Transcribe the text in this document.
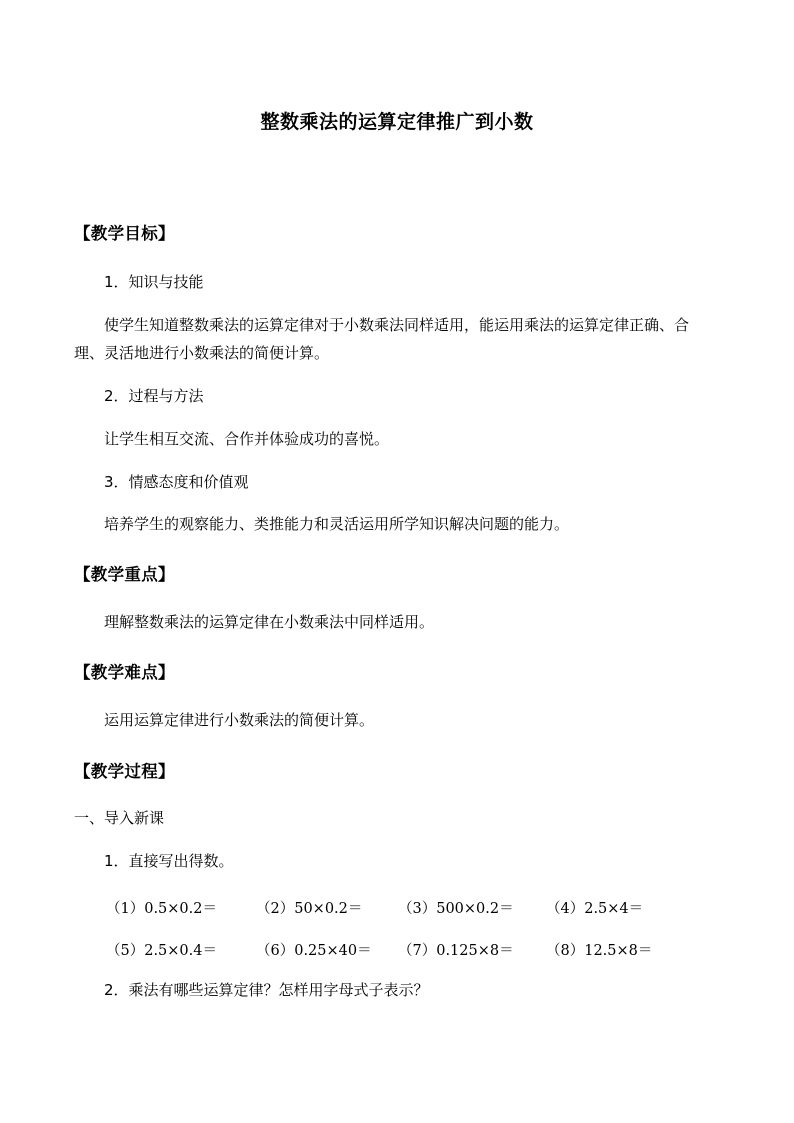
整数乘法的运算定律推广到小数
【教学目标】
1．知识与技能
使学生知道整数乘法的运算定律对于小数乘法同样适用，能运用乘法的运算定律正确、合
理、灵活地进行小数乘法的简便计算。
2．过程与方法
让学生相互交流、合作并体验成功的喜悦。
3．情感态度和价值观
培养学生的观察能力、类推能力和灵活运用所学知识解决问题的能力。
【教学重点】
理解整数乘法的运算定律在小数乘法中同样适用。
【教学难点】
运用运算定律进行小数乘法的简便计算。
【教学过程】
一、导入新课
1．直接写出得数。
（1）0.5×0.2＝	（2）50×0.2＝ （3）500×0.2＝ （4）2.5×4＝
（5）2.5×0.4＝	（6）0.25×40＝ （7）0.125×8＝ （8）12.5×8＝
2．乘法有哪些运算定律？怎样用字母式子表示？
